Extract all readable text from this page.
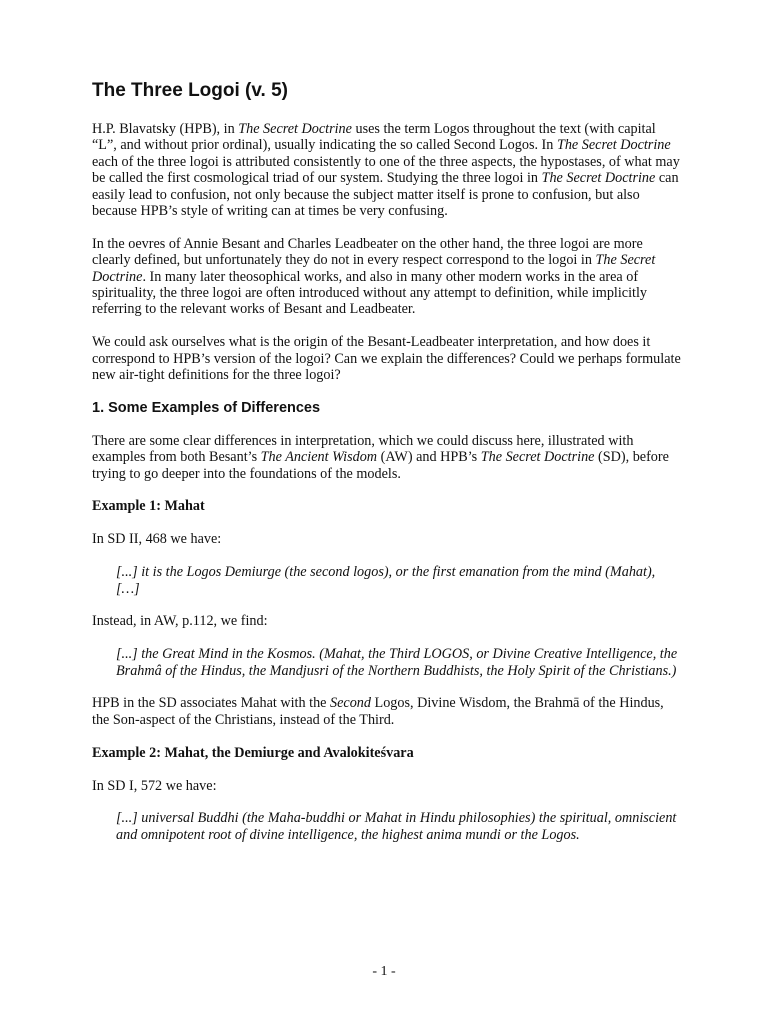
The Three Logoi (v. 5)

H.P. Blavatsky (HPB), in The Secret Doctrine uses the term Logos throughout the text (with capital “L”, and without prior ordinal), usually indicating the so called Second Logos. In The Secret Doctrine each of the three logoi is attributed consistently to one of the three aspects, the hypostases, of what may be called the first cosmological triad of our system. Studying the three logoi in The Secret Doctrine can easily lead to confusion, not only because the subject matter itself is prone to confusion, but also because HPB’s style of writing can at times be very confusing.

In the oevres of Annie Besant and Charles Leadbeater on the other hand, the three logoi are more clearly defined, but unfortunately they do not in every respect correspond to the logoi in The Secret Doctrine. In many later theosophical works, and also in many other modern works in the area of spirituality, the three logoi are often introduced without any attempt to definition, while implicitly referring to the relevant works of Besant and Leadbeater.

We could ask ourselves what is the origin of the Besant-Leadbeater interpretation, and how does it correspond to HPB’s version of the logoi? Can we explain the differences? Could we perhaps formulate new air-tight definitions for the three logoi?

1. Some Examples of Differences

There are some clear differences in interpretation, which we could discuss here, illustrated with examples from both Besant’s The Ancient Wisdom (AW) and HPB’s The Secret Doctrine (SD), before trying to go deeper into the foundations of the models.

Example 1: Mahat

In SD II, 468 we have:

[...] it is the Logos Demiurge (the second logos), or the first emanation from the mind (Mahat), […]

Instead, in AW, p.112, we find:

[...] the Great Mind in the Kosmos. (Mahat, the Third LOGOS, or Divine Creative Intelligence, the Brahmâ of the Hindus, the Mandjusri of the Northern Buddhists, the Holy Spirit of the Christians.)

HPB in the SD associates Mahat with the Second Logos, Divine Wisdom, the Brahmā of the Hindus, the Son-aspect of the Christians, instead of the Third.

Example 2: Mahat, the Demiurge and Avalokiteśvara

In SD I, 572 we have:

[...] universal Buddhi (the Maha-buddhi or Mahat in Hindu philosophies) the spiritual, omniscient and omnipotent root of divine intelligence, the highest anima mundi or the Logos.

- 1 -
